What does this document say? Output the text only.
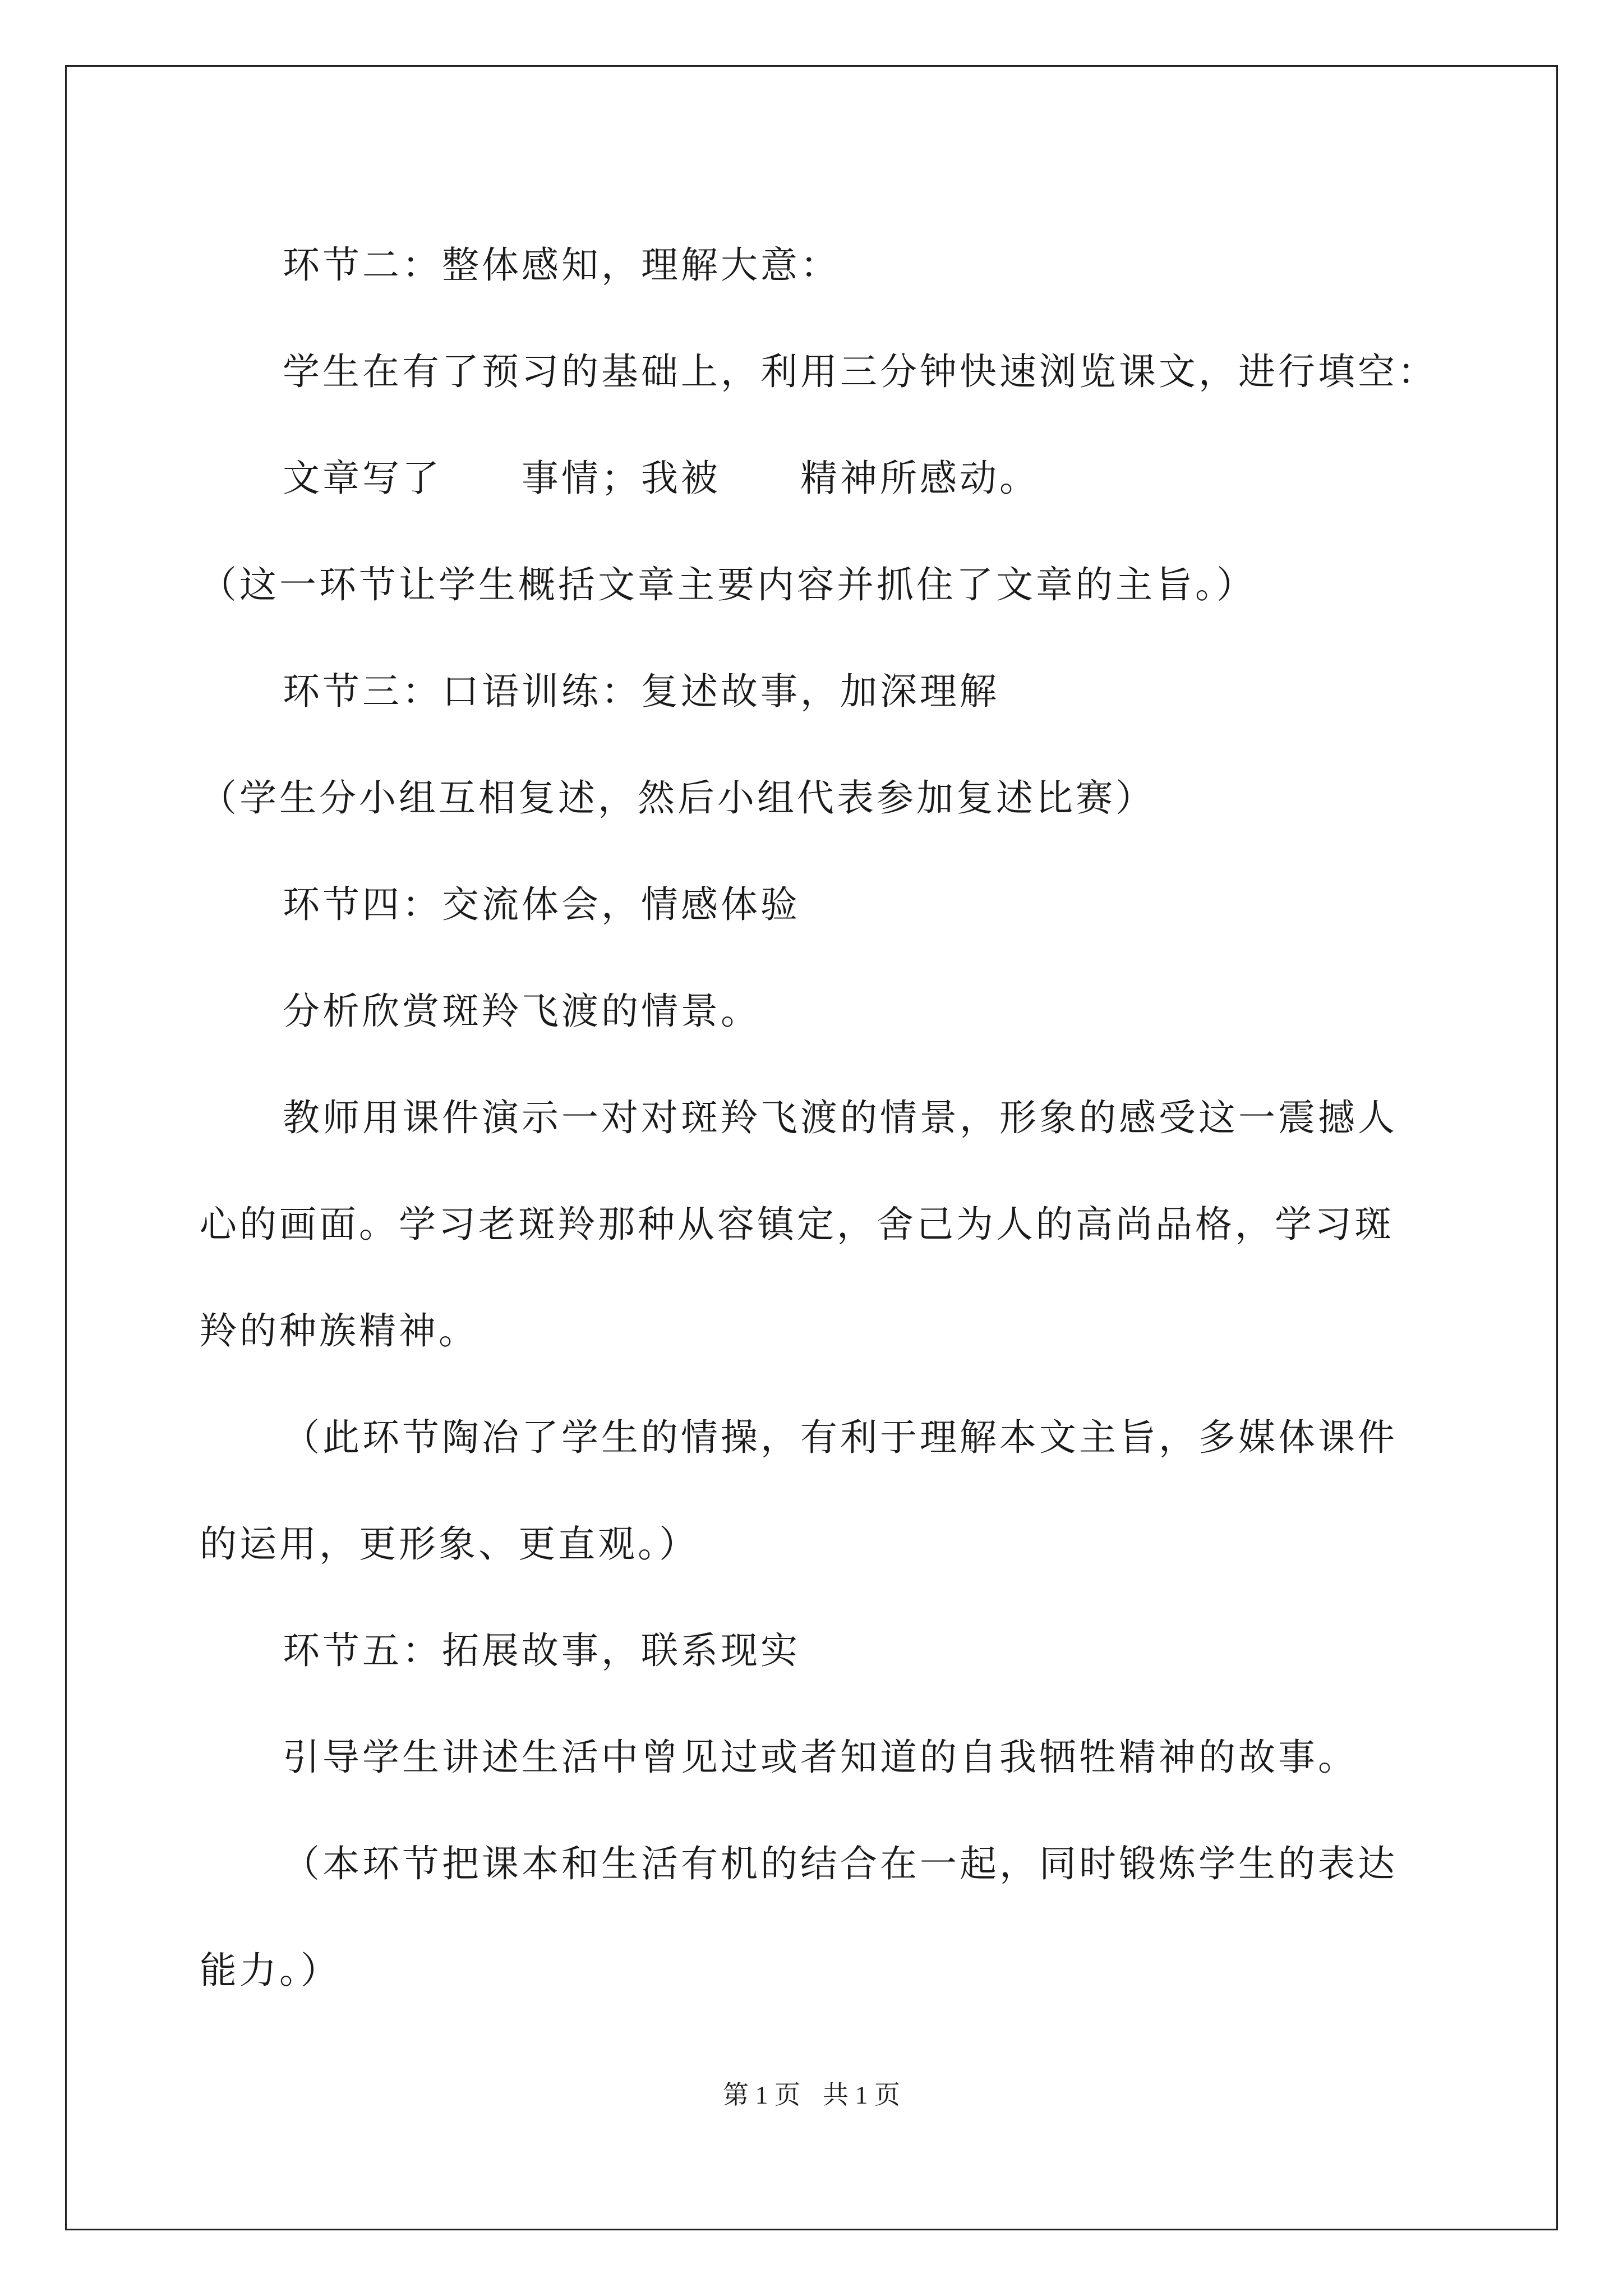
环节二：整体感知，理解大意：

学生在有了预习的基础上，利用三分钟快速浏览课文，进行填空：

文章写了　　事情；我被　　精神所感动。

（这一环节让学生概括文章主要内容并抓住了文章的主旨。）

环节三：口语训练：复述故事，加深理解

（学生分小组互相复述，然后小组代表参加复述比赛）

环节四：交流体会，情感体验

分析欣赏斑羚飞渡的情景。

教师用课件演示一对对斑羚飞渡的情景，形象的感受这一震撼人

心的画面。学习老斑羚那种从容镇定，舍己为人的高尚品格，学习斑

羚的种族精神。

（此环节陶冶了学生的情操，有利于理解本文主旨，多媒体课件

的运用，更形象、更直观。）

环节五：拓展故事，联系现实

引导学生讲述生活中曾见过或者知道的自我牺牲精神的故事。

（本环节把课本和生活有机的结合在一起，同时锻炼学生的表达

能力。）

第 1 页 共 1 页
